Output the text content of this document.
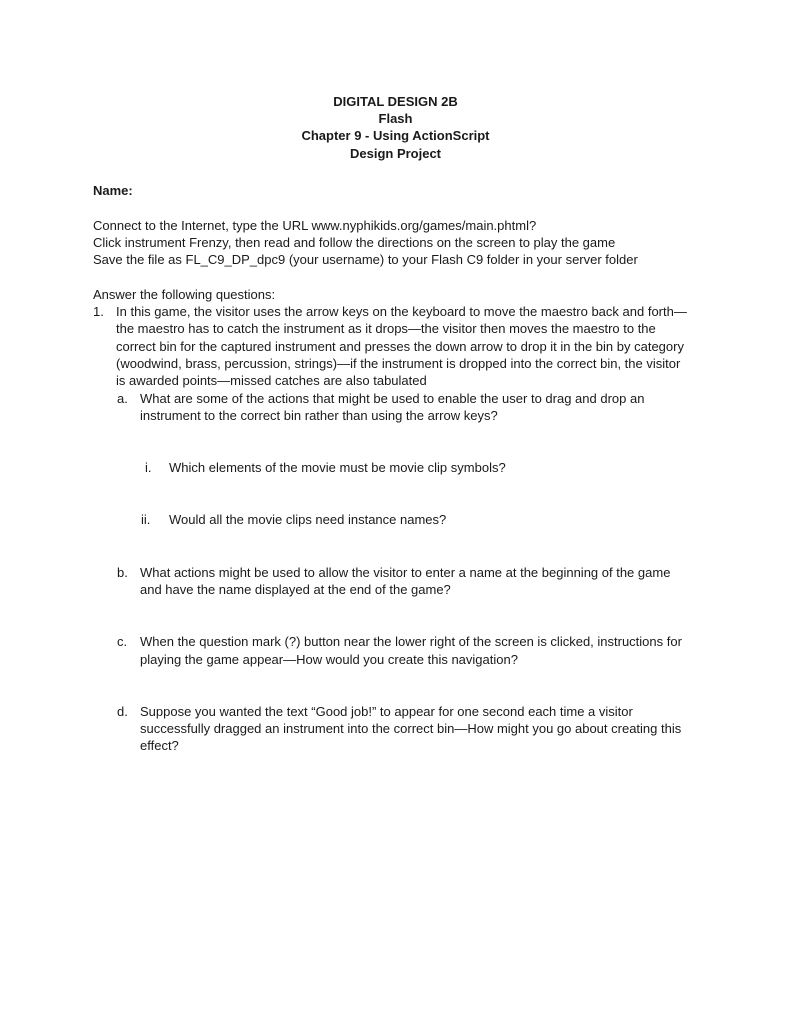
DIGITAL DESIGN 2B
Flash
Chapter 9 - Using ActionScript
Design Project
Name:
Connect to the Internet, type the URL www.nyphikids.org/games/main.phtml?
Click instrument Frenzy, then read and follow the directions on the screen to play the game
Save the file as FL_C9_DP_dpc9 (your username) to your Flash C9 folder in your server folder
Answer the following questions:
1. In this game, the visitor uses the arrow keys on the keyboard to move the maestro back and forth—
the maestro has to catch the instrument as it drops—the visitor then moves the maestro to the
correct bin for the captured instrument and presses the down arrow to drop it in the bin by category
(woodwind, brass, percussion, strings)—if the instrument is dropped into the correct bin, the visitor
is awarded points—missed catches are also tabulated
a. What are some of the actions that might be used to enable the user to drag and drop an
instrument to the correct bin rather than using the arrow keys?
i. Which elements of the movie must be movie clip symbols?
ii. Would all the movie clips need instance names?
b. What actions might be used to allow the visitor to enter a name at the beginning of the game
and have the name displayed at the end of the game?
c. When the question mark (?) button near the lower right of the screen is clicked, instructions for
playing the game appear—How would you create this navigation?
d. Suppose you wanted the text “Good job!” to appear for one second each time a visitor
successfully dragged an instrument into the correct bin—How might you go about creating this
effect?
